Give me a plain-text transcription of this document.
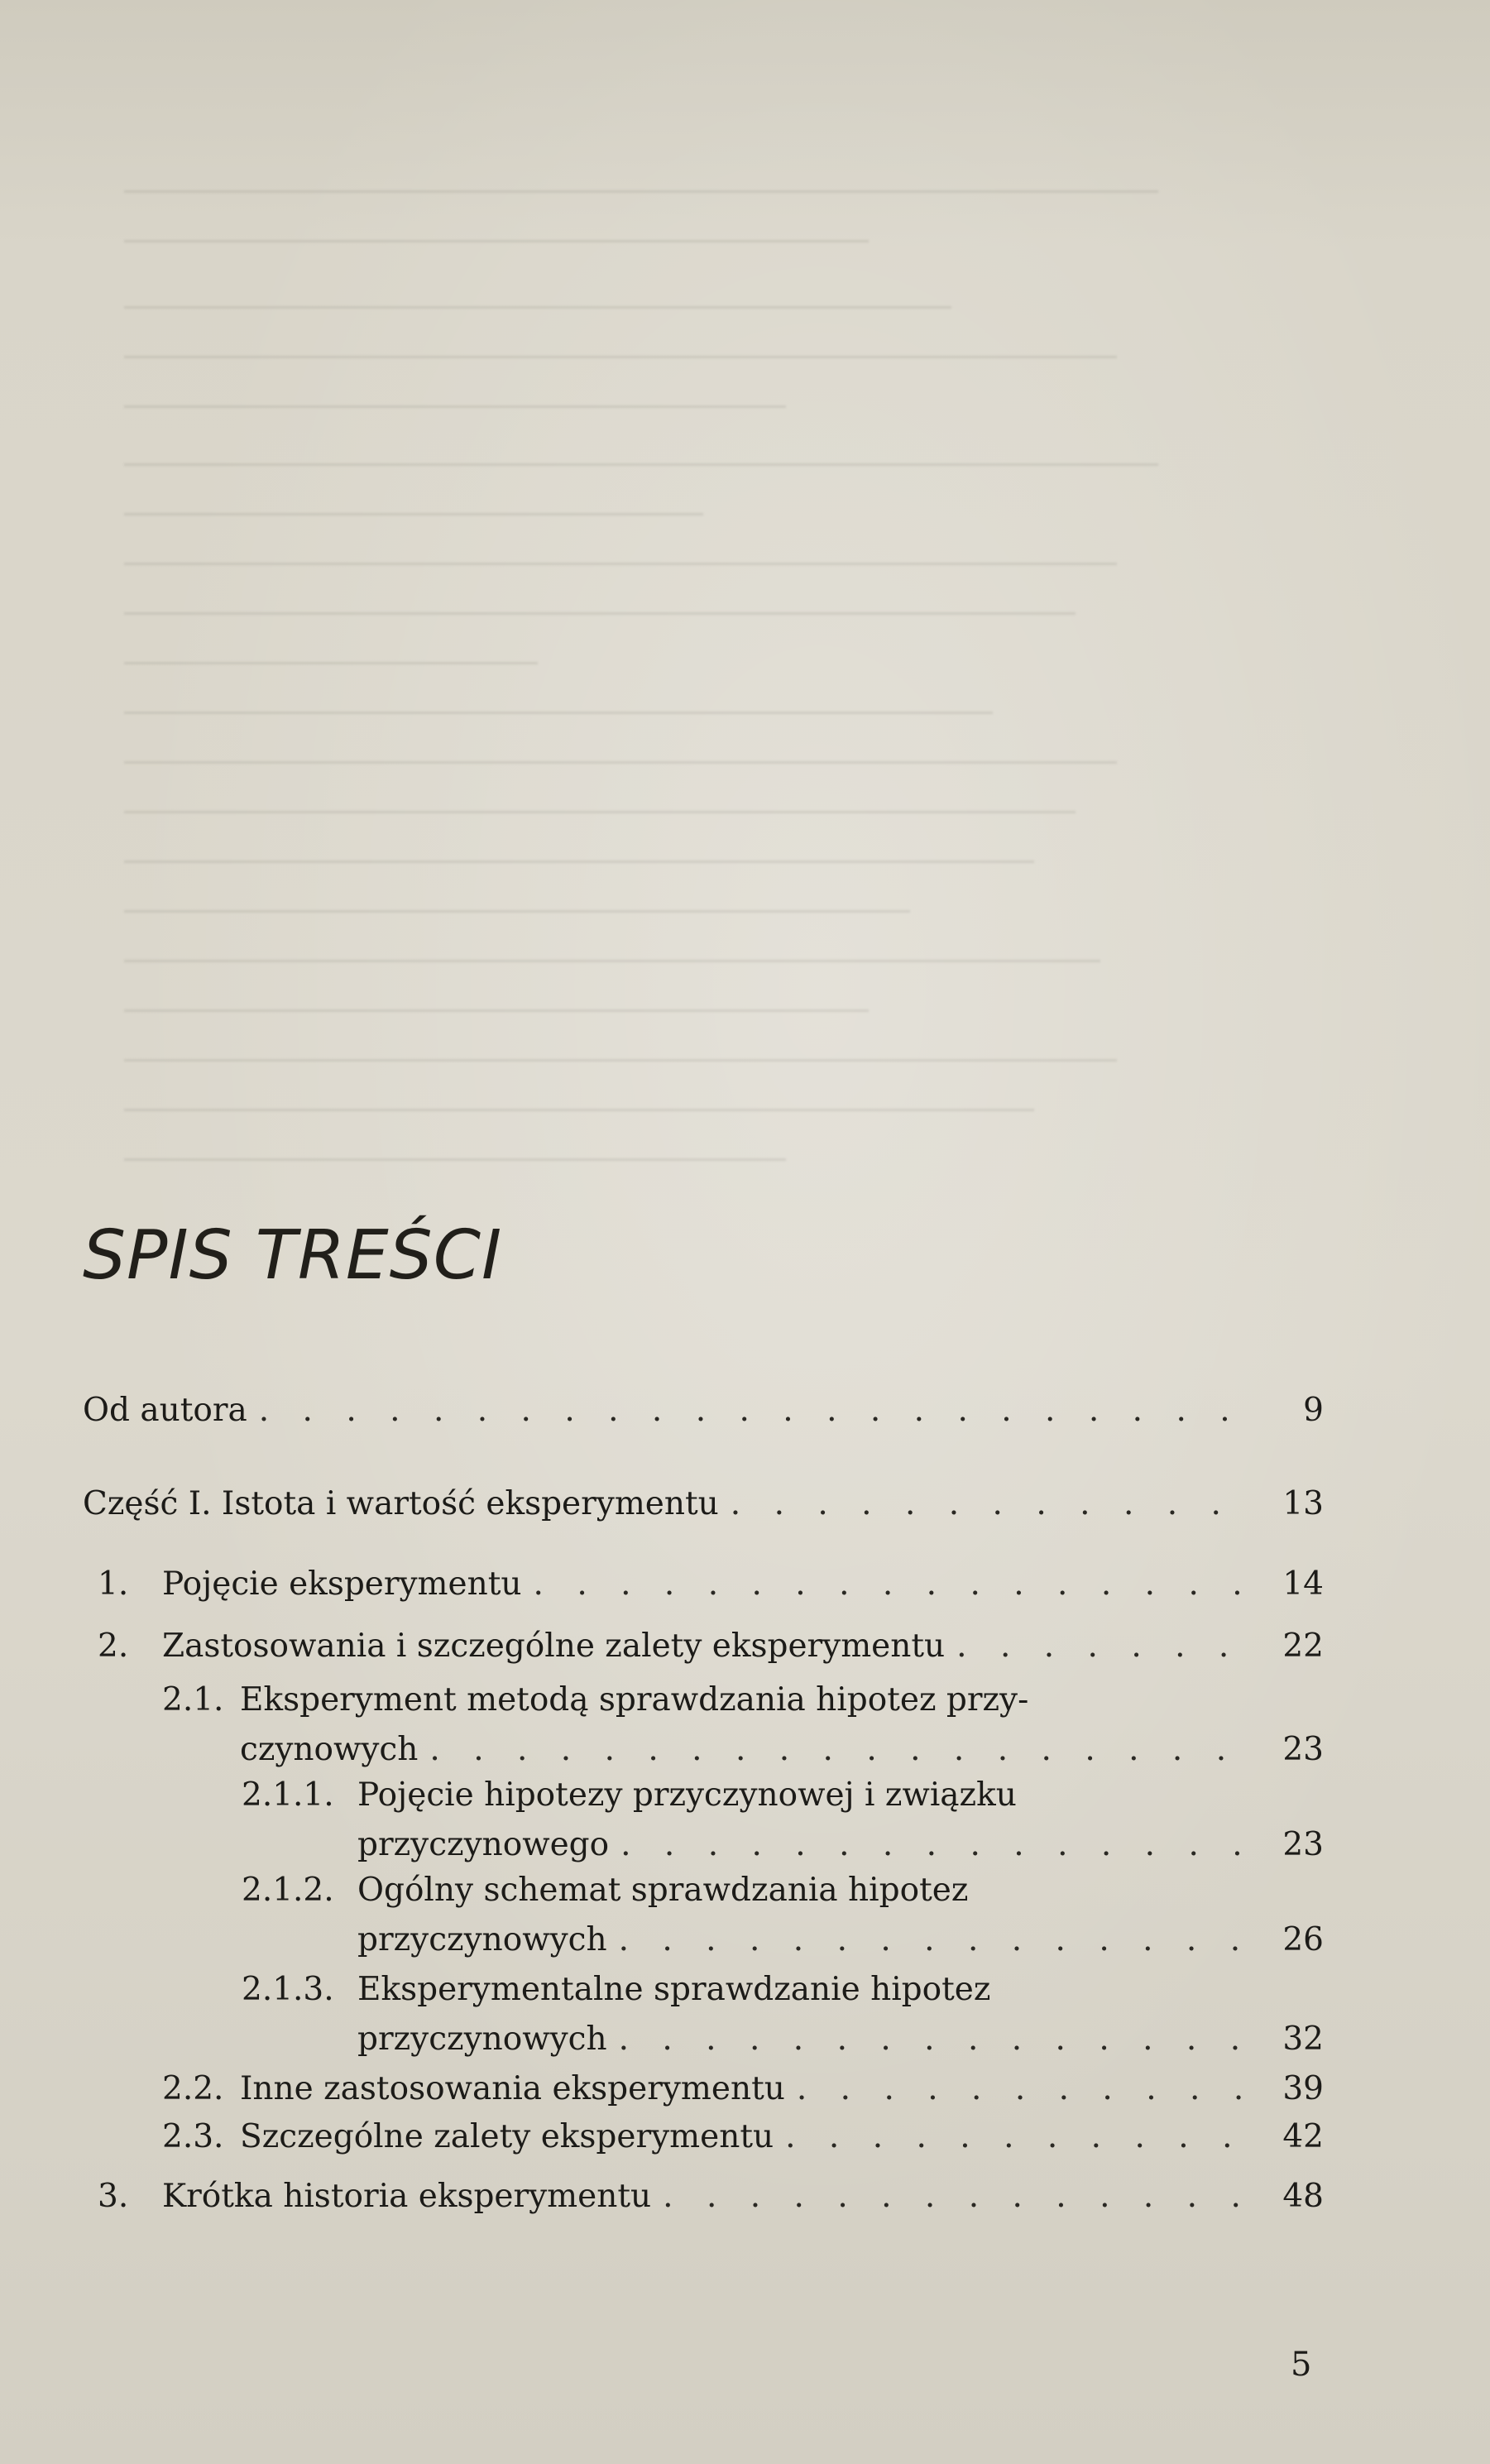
SPIS TREŚCI
Od autora . . .	9
Część I. Istota i wartość eksperymentu . . .	13
1.	Pojęcie eksperymentu . . .	14
2.	Zastosowania i szczególne zalety eksperymentu . . .	22
2.1. Eksperyment metodą sprawdzania hipotez przy-
czynowych . . .	23
2.1.1. Pojęcie hipotezy przyczynowej i związku
przyczynowego . . .	23
2.1.2. Ogólny schemat sprawdzania hipotez
przyczynowych . . .	26
2.1.3. Eksperymentalne sprawdzanie hipotez
przyczynowych . . .	32
2.2. Inne zastosowania eksperymentu . . .	39
2.3. Szczególne zalety eksperymentu . . .	42
3.	Krótka historia eksperymentu . . .	48
5
